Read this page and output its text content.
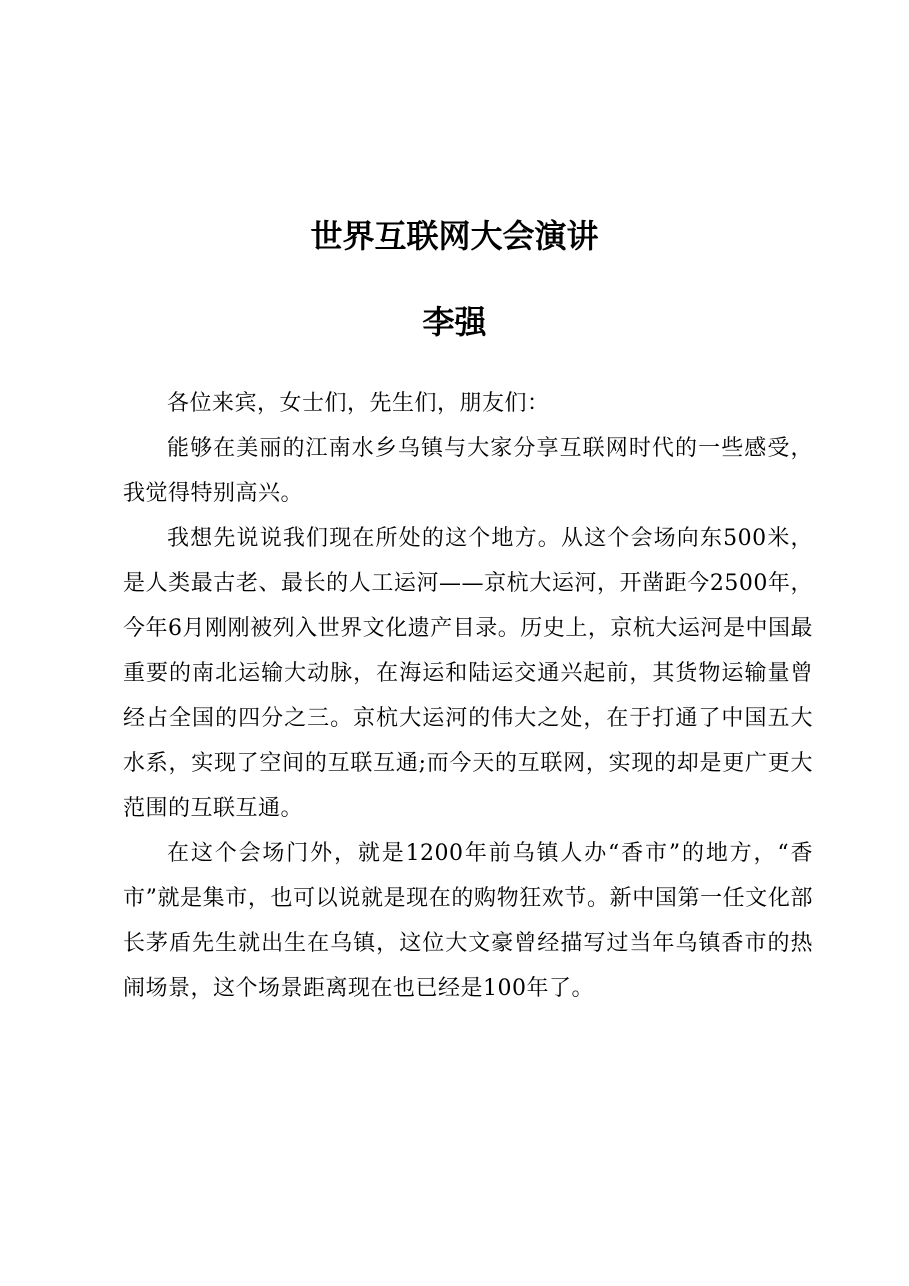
世界互联网大会演讲
李强

各位来宾，女士们，先生们，朋友们：

能够在美丽的江南水乡乌镇与大家分享互联网时代的一些感受，我觉得特别高兴。

我想先说说我们现在所处的这个地方。从这个会场向东500米，是人类最古老、最长的人工运河——京杭大运河，开凿距今2500年，今年6月刚刚被列入世界文化遗产目录。历史上，京杭大运河是中国最重要的南北运输大动脉，在海运和陆运交通兴起前，其货物运输量曾经占全国的四分之三。京杭大运河的伟大之处，在于打通了中国五大水系，实现了空间的互联互通;而今天的互联网，实现的却是更广更大范围的互联互通。

在这个会场门外，就是1200年前乌镇人办“香市”的地方，“香市”就是集市，也可以说就是现在的购物狂欢节。新中国第一任文化部长茅盾先生就出生在乌镇，这位大文豪曾经描写过当年乌镇香市的热闹场景，这个场景距离现在也已经是100年了。
